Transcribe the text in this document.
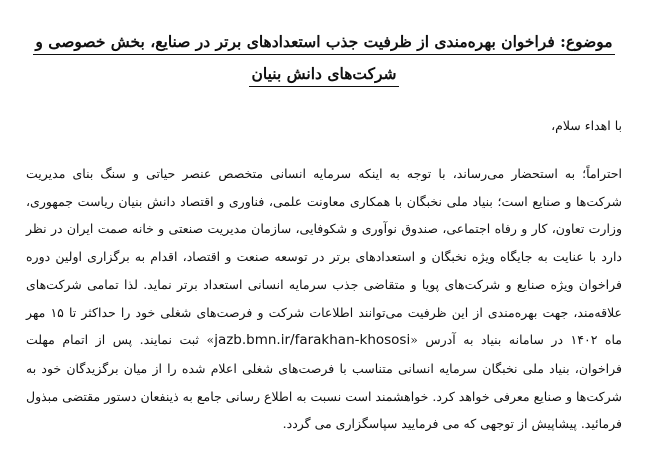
موضوع: فراخوان بهره‌مندی از ظرفیت جذب استعدادهای برتر در صنایع، بخش خصوصی و
شرکت‌های دانش بنیان

با اهداء سلام،

احتراماً؛ به استحضار می‌رساند، با توجه به اینکه سرمایه انسانی متخصص عنصر حیاتی و سنگ بنای مدیریت شرکت‌ها و صنایع است؛ بنیاد ملی نخبگان با همکاری معاونت علمی، فناوری و اقتصاد دانش بنیان ریاست جمهوری، وزارت تعاون، کار و رفاه اجتماعی، صندوق نوآوری و شکوفایی، سازمان مدیریت صنعتی و خانه صمت ایران در نظر دارد با عنایت به جایگاه ویژه نخبگان و استعدادهای برتر در توسعه صنعت و اقتصاد، اقدام به برگزاری اولین دوره فراخوان ویژه صنایع و شرکت‌های پویا و متقاضی جذب سرمایه انسانی استعداد برتر نماید. لذا تمامی شرکت‌های علاقه‌مند، جهت بهره‌مندی از این ظرفیت می‌توانند اطلاعات شرکت و فرصت‌های شغلی خود را حداکثر تا ۱۵ مهر ماه ۱۴۰۲ در سامانه بنیاد به آدرس «jazb.bmn.ir/farakhan-khososi» ثبت نمایند. پس از اتمام مهلت فراخوان، بنیاد ملی نخبگان سرمایه انسانی متناسب با فرصت‌های شغلی اعلام شده را از میان برگزیدگان خود به شرکت‌ها و صنایع معرفی خواهد کرد. خواهشمند است نسبت به اطلاع رسانی جامع به ذینفعان دستور مقتضی مبذول فرمائید. پیشاپیش از توجهی که می فرمایید سپاسگزاری می گردد.
